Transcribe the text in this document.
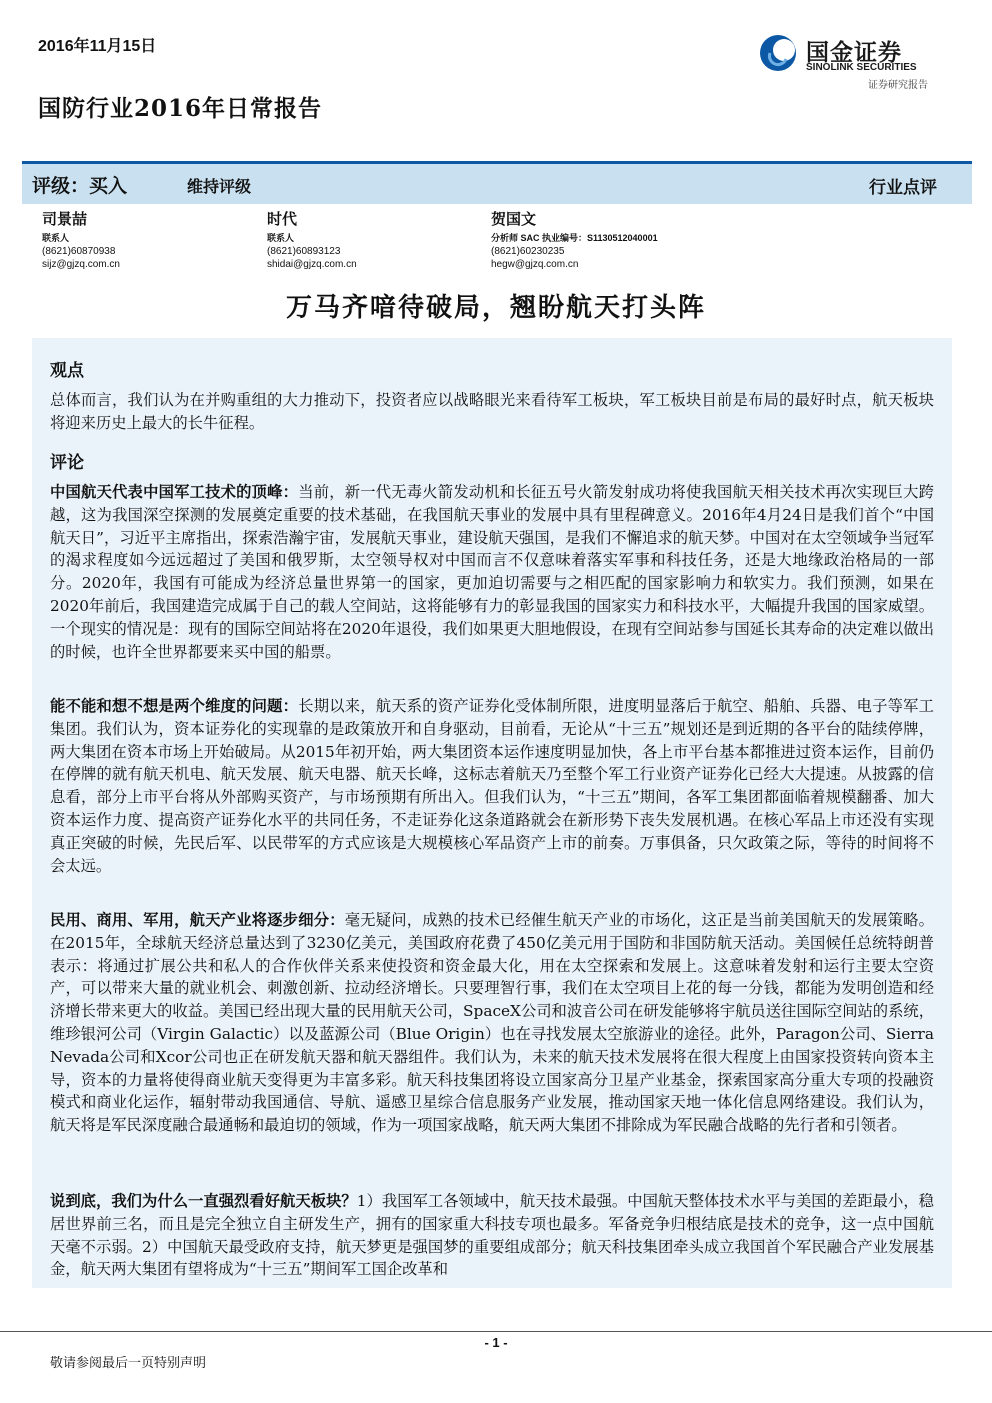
2016年11月15日	国金证券
SINOLINK SECURITIES
证券研究报告
国防行业2016年日常报告
评级：买入	维持评级	行业点评
司景喆
联系人
(8621)60870938
sijz@gjzq.com.cn
时代
联系人
(8621)60893123
shidai@gjzq.com.cn
贺国文
分析师 SAC 执业编号：S1130512040001
(8621)60230235
hegw@gjzq.com.cn
万马齐喑待破局，翘盼航天打头阵
观点

总体而言，我们认为在并购重组的大力推动下，投资者应以战略眼光来看待军工板块，军工板块目前是布局的最好时点，航天板块将迎来历史上最大的长牛征程。

评论

中国航天代表中国军工技术的顶峰：当前，新一代无毒火箭发动机和长征五号火箭发射成功将使我国航天相关技术再次实现巨大跨越，这为我国深空探测的发展奠定重要的技术基础，在我国航天事业的发展中具有里程碑意义。2016年4月24日是我们首个“中国航天日”，习近平主席指出，探索浩瀚宇宙，发展航天事业，建设航天强国，是我们不懈追求的航天梦。中国对在太空领域争当冠军的渴求程度如今远远超过了美国和俄罗斯，太空领导权对中国而言不仅意味着落实军事和科技任务，还是大地缘政治格局的一部分。2020年，我国有可能成为经济总量世界第一的国家，更加迫切需要与之相匹配的国家影响力和软实力。我们预测，如果在2020年前后，我国建造完成属于自己的载人空间站，这将能够有力的彰显我国的国家实力和科技水平，大幅提升我国的国家威望。一个现实的情况是：现有的国际空间站将在2020年退役，我们如果更大胆地假设，在现有空间站参与国延长其寿命的决定难以做出的时候，也许全世界都要来买中国的船票。

能不能和想不想是两个维度的问题：长期以来，航天系的资产证券化受体制所限，进度明显落后于航空、船舶、兵器、电子等军工集团。我们认为，资本证券化的实现靠的是政策放开和自身驱动，目前看，无论从“十三五”规划还是到近期的各平台的陆续停牌，两大集团在资本市场上开始破局。从2015年初开始，两大集团资本运作速度明显加快，各上市平台基本都推进过资本运作，目前仍在停牌的就有航天机电、航天发展、航天电器、航天长峰，这标志着航天乃至整个军工行业资产证券化已经大大提速。从披露的信息看，部分上市平台将从外部购买资产，与市场预期有所出入。但我们认为，“十三五”期间，各军工集团都面临着规模翻番、加大资本运作力度、提高资产证券化水平的共同任务，不走证券化这条道路就会在新形势下丧失发展机遇。在核心军品上市还没有实现真正突破的时候，先民后军、以民带军的方式应该是大规模核心军品资产上市的前奏。万事俱备，只欠政策之际，等待的时间将不会太远。

民用、商用、军用，航天产业将逐步细分：毫无疑问，成熟的技术已经催生航天产业的市场化，这正是当前美国航天的发展策略。在2015年，全球航天经济总量达到了3230亿美元，美国政府花费了450亿美元用于国防和非国防航天活动。美国候任总统特朗普表示：将通过扩展公共和私人的合作伙伴关系来使投资和资金最大化，用在太空探索和发展上。这意味着发射和运行主要太空资产，可以带来大量的就业机会、刺激创新、拉动经济增长。只要理智行事，我们在太空项目上花的每一分钱，都能为发明创造和经济增长带来更大的收益。美国已经出现大量的民用航天公司，SpaceX公司和波音公司在研发能够将宇航员送往国际空间站的系统，维珍银河公司（Virgin Galactic）以及蓝源公司（Blue Origin）也在寻找发展太空旅游业的途径。此外，Paragon公司、Sierra Nevada公司和Xcor公司也正在研发航天器和航天器组件。我们认为，未来的航天技术发展将在很大程度上由国家投资转向资本主导，资本的力量将使得商业航天变得更为丰富多彩。航天科技集团将设立国家高分卫星产业基金，探索国家高分重大专项的投融资模式和商业化运作，辐射带动我国通信、导航、遥感卫星综合信息服务产业发展，推动国家天地一体化信息网络建设。我们认为，航天将是军民深度融合最通畅和最迫切的领域，作为一项国家战略，航天两大集团不排除成为军民融合战略的先行者和引领者。

说到底，我们为什么一直强烈看好航天板块？1）我国军工各领域中，航天技术最强。中国航天整体技术水平与美国的差距最小，稳居世界前三名，而且是完全独立自主研发生产，拥有的国家重大科技专项也最多。军备竞争归根结底是技术的竞争，这一点中国航天毫不示弱。2）中国航天最受政府支持，航天梦更是强国梦的重要组成部分；航天科技集团牵头成立我国首个军民融合产业发展基金，航天两大集团有望将成为“十三五”期间军工国企改革和

- 1 -
敬请参阅最后一页特别声明
